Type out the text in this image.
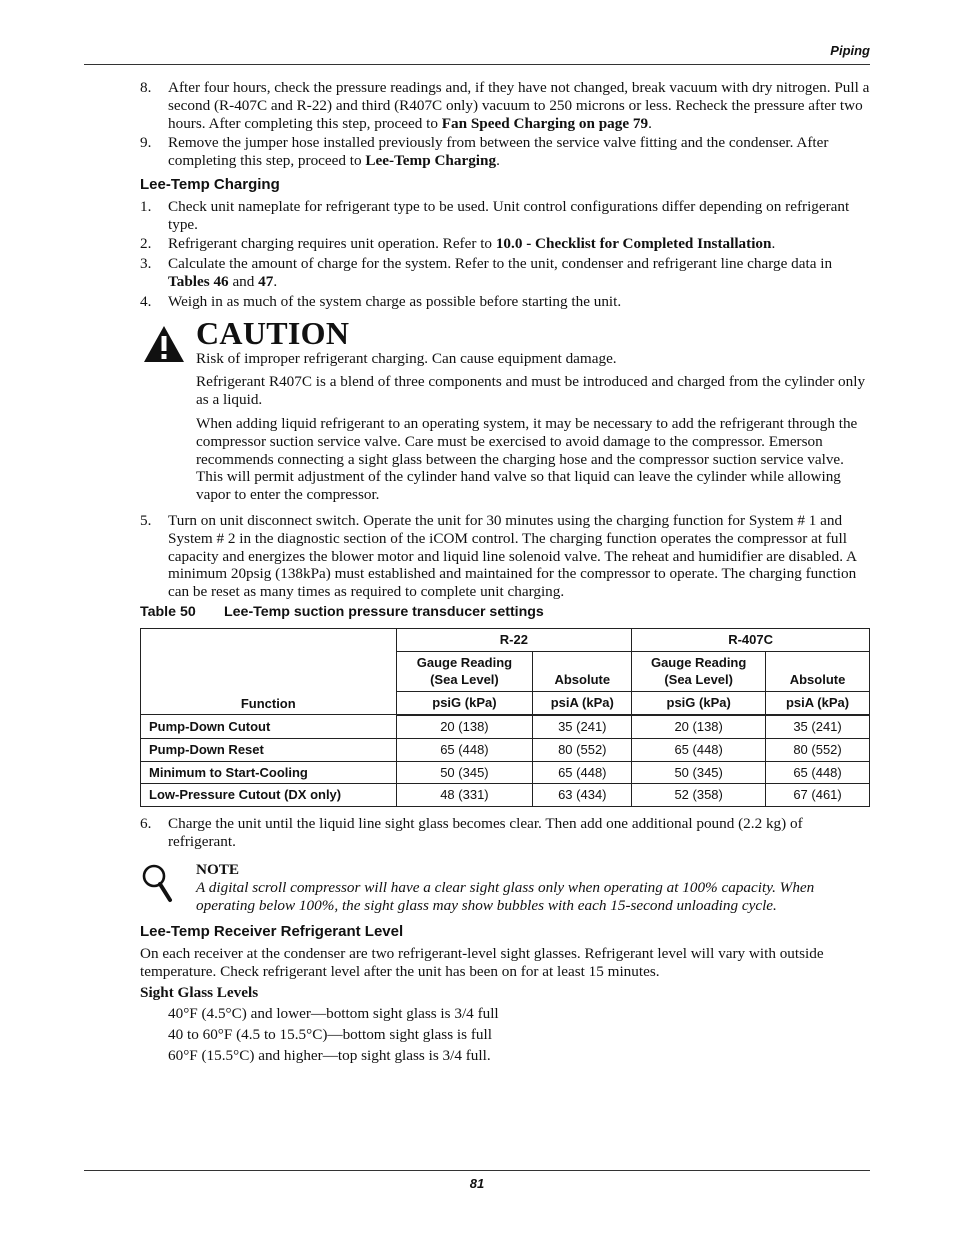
Piping
8. After four hours, check the pressure readings and, if they have not changed, break vacuum with dry nitrogen. Pull a second (R-407C and R-22) and third (R407C only) vacuum to 250 microns or less. Recheck the pressure after two hours. After completing this step, proceed to Fan Speed Charging on page 79.
9. Remove the jumper hose installed previously from between the service valve fitting and the condenser. After completing this step, proceed to Lee-Temp Charging.
Lee-Temp Charging
1. Check unit nameplate for refrigerant type to be used. Unit control configurations differ depending on refrigerant type.
2. Refrigerant charging requires unit operation. Refer to 10.0 - Checklist for Completed Installation.
3. Calculate the amount of charge for the system. Refer to the unit, condenser and refrigerant line charge data in Tables 46 and 47.
4. Weigh in as much of the system charge as possible before starting the unit.
CAUTION
Risk of improper refrigerant charging. Can cause equipment damage.
Refrigerant R407C is a blend of three components and must be introduced and charged from the cylinder only as a liquid.
When adding liquid refrigerant to an operating system, it may be necessary to add the refrigerant through the compressor suction service valve. Care must be exercised to avoid damage to the compressor. Emerson recommends connecting a sight glass between the charging hose and the compressor suction service valve. This will permit adjustment of the cylinder hand valve so that liquid can leave the cylinder while allowing vapor to enter the compressor.
5. Turn on unit disconnect switch. Operate the unit for 30 minutes using the charging function for System # 1 and System # 2 in the diagnostic section of the iCOM control. The charging function operates the compressor at full capacity and energizes the blower motor and liquid line solenoid valve. The reheat and humidifier are disabled. A minimum 20psig (138kPa) must established and maintained for the compressor to operate. The charging function can be reset as many times as required to complete unit charging.
Table 50 Lee-Temp suction pressure transducer settings
Function	R-22		R-407C	
	Gauge Reading (Sea Level)	Absolute	Gauge Reading (Sea Level)	Absolute
	psiG (kPa)	psiA (kPa)	psiG (kPa)	psiA (kPa)
Pump-Down Cutout	20 (138)	35 (241)	20 (138)	35 (241)
Pump-Down Reset	65 (448)	80 (552)	65 (448)	80 (552)
Minimum to Start-Cooling	50 (345)	65 (448)	50 (345)	65 (448)
Low-Pressure Cutout (DX only)	48 (331)	63 (434)	52 (358)	67 (461)
6. Charge the unit until the liquid line sight glass becomes clear. Then add one additional pound (2.2 kg) of refrigerant.
NOTE
A digital scroll compressor will have a clear sight glass only when operating at 100% capacity. When operating below 100%, the sight glass may show bubbles with each 15-second unloading cycle.
Lee-Temp Receiver Refrigerant Level
On each receiver at the condenser are two refrigerant-level sight glasses. Refrigerant level will vary with outside temperature. Check refrigerant level after the unit has been on for at least 15 minutes.
Sight Glass Levels
40°F (4.5°C) and lower—bottom sight glass is 3/4 full
40 to 60°F (4.5 to 15.5°C)—bottom sight glass is full
60°F (15.5°C) and higher—top sight glass is 3/4 full.
81
